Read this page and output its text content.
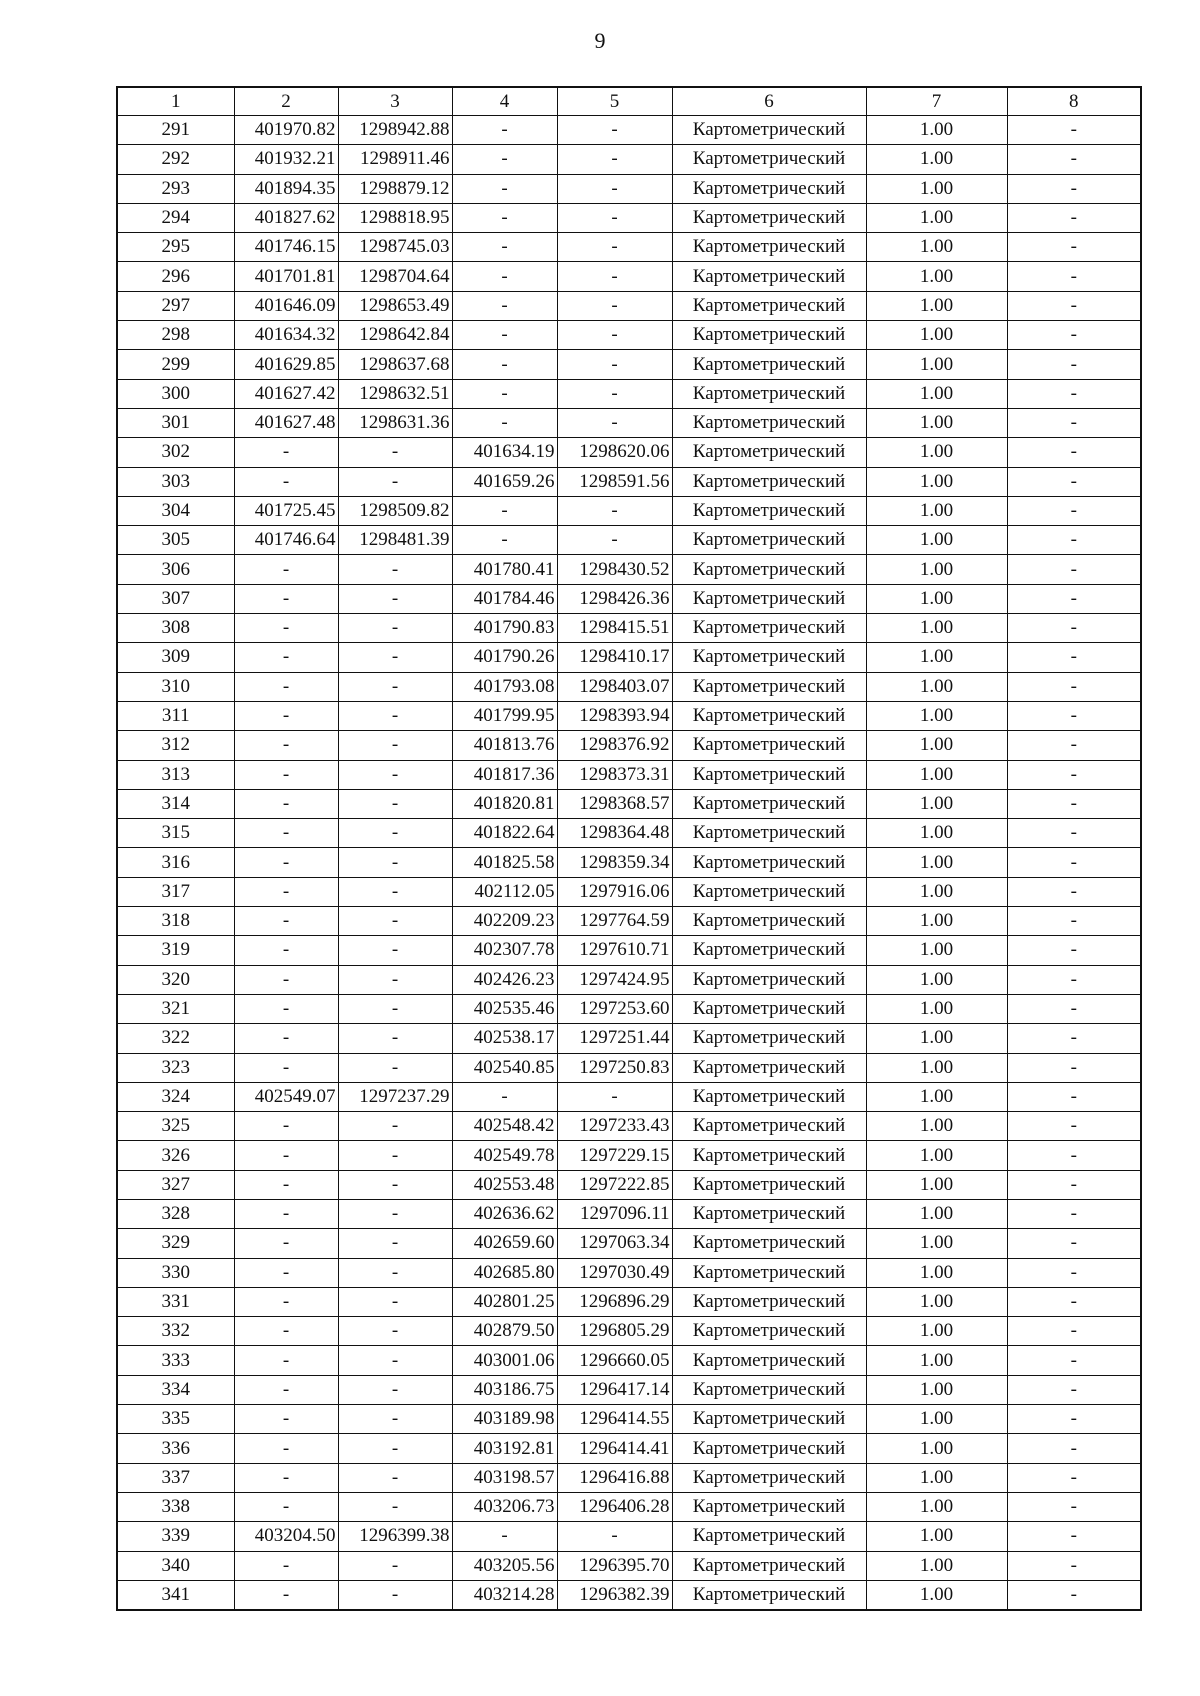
9
1	2	3	4	5	6	7	8
291	401970.82	1298942.88	-	-	Картометрический	1.00	-
292	401932.21	1298911.46	-	-	Картометрический	1.00	-
293	401894.35	1298879.12	-	-	Картометрический	1.00	-
294	401827.62	1298818.95	-	-	Картометрический	1.00	-
295	401746.15	1298745.03	-	-	Картометрический	1.00	-
296	401701.81	1298704.64	-	-	Картометрический	1.00	-
297	401646.09	1298653.49	-	-	Картометрический	1.00	-
298	401634.32	1298642.84	-	-	Картометрический	1.00	-
299	401629.85	1298637.68	-	-	Картометрический	1.00	-
300	401627.42	1298632.51	-	-	Картометрический	1.00	-
301	401627.48	1298631.36	-	-	Картометрический	1.00	-
302	-	-	401634.19	1298620.06	Картометрический	1.00	-
303	-	-	401659.26	1298591.56	Картометрический	1.00	-
304	401725.45	1298509.82	-	-	Картометрический	1.00	-
305	401746.64	1298481.39	-	-	Картометрический	1.00	-
306	-	-	401780.41	1298430.52	Картометрический	1.00	-
307	-	-	401784.46	1298426.36	Картометрический	1.00	-
308	-	-	401790.83	1298415.51	Картометрический	1.00	-
309	-	-	401790.26	1298410.17	Картометрический	1.00	-
310	-	-	401793.08	1298403.07	Картометрический	1.00	-
311	-	-	401799.95	1298393.94	Картометрический	1.00	-
312	-	-	401813.76	1298376.92	Картометрический	1.00	-
313	-	-	401817.36	1298373.31	Картометрический	1.00	-
314	-	-	401820.81	1298368.57	Картометрический	1.00	-
315	-	-	401822.64	1298364.48	Картометрический	1.00	-
316	-	-	401825.58	1298359.34	Картометрический	1.00	-
317	-	-	402112.05	1297916.06	Картометрический	1.00	-
318	-	-	402209.23	1297764.59	Картометрический	1.00	-
319	-	-	402307.78	1297610.71	Картометрический	1.00	-
320	-	-	402426.23	1297424.95	Картометрический	1.00	-
321	-	-	402535.46	1297253.60	Картометрический	1.00	-
322	-	-	402538.17	1297251.44	Картометрический	1.00	-
323	-	-	402540.85	1297250.83	Картометрический	1.00	-
324	402549.07	1297237.29	-	-	Картометрический	1.00	-
325	-	-	402548.42	1297233.43	Картометрический	1.00	-
326	-	-	402549.78	1297229.15	Картометрический	1.00	-
327	-	-	402553.48	1297222.85	Картометрический	1.00	-
328	-	-	402636.62	1297096.11	Картометрический	1.00	-
329	-	-	402659.60	1297063.34	Картометрический	1.00	-
330	-	-	402685.80	1297030.49	Картометрический	1.00	-
331	-	-	402801.25	1296896.29	Картометрический	1.00	-
332	-	-	402879.50	1296805.29	Картометрический	1.00	-
333	-	-	403001.06	1296660.05	Картометрический	1.00	-
334	-	-	403186.75	1296417.14	Картометрический	1.00	-
335	-	-	403189.98	1296414.55	Картометрический	1.00	-
336	-	-	403192.81	1296414.41	Картометрический	1.00	-
337	-	-	403198.57	1296416.88	Картометрический	1.00	-
338	-	-	403206.73	1296406.28	Картометрический	1.00	-
339	403204.50	1296399.38	-	-	Картометрический	1.00	-
340	-	-	403205.56	1296395.70	Картометрический	1.00	-
341	-	-	403214.28	1296382.39	Картометрический	1.00	-
